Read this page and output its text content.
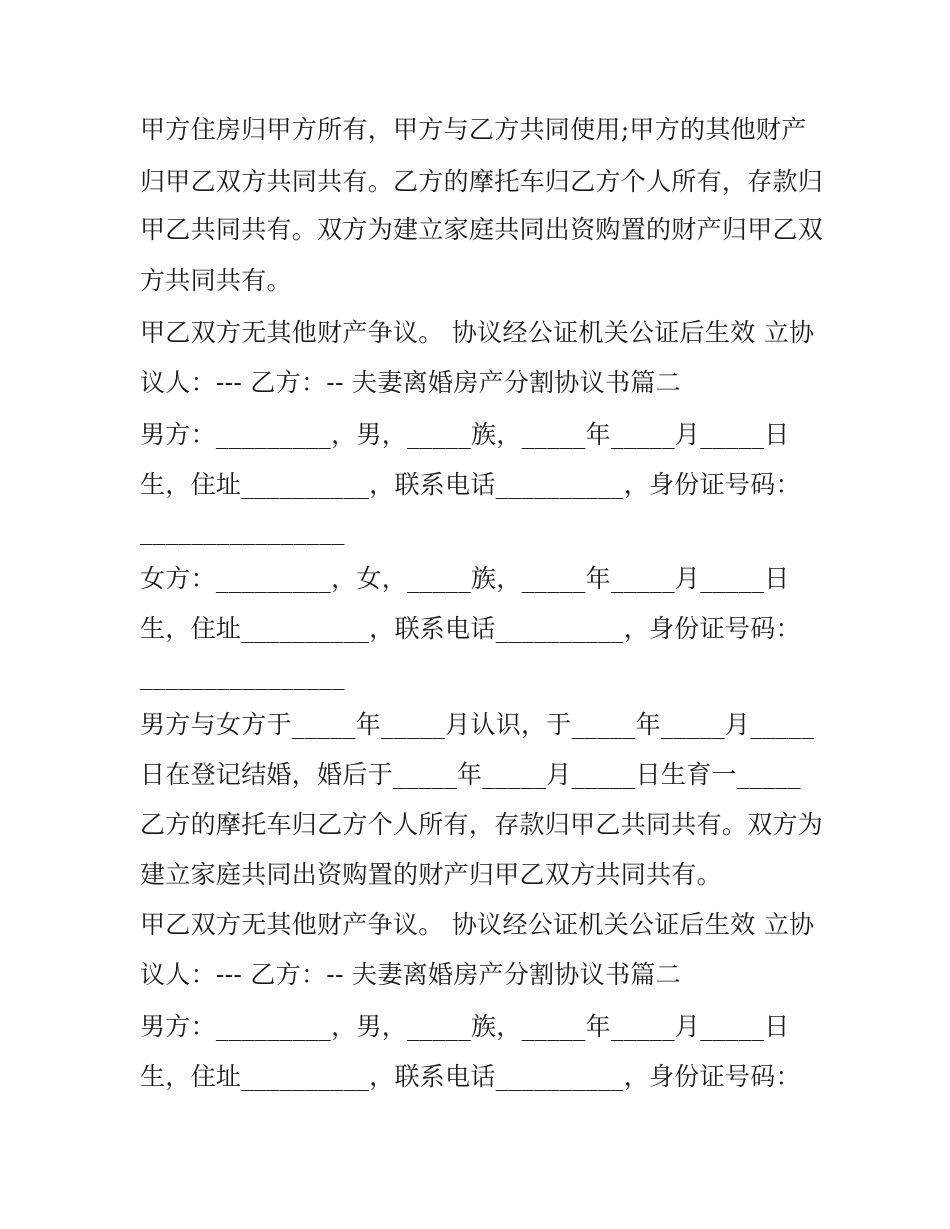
甲方住房归甲方所有，甲方与乙方共同使用;甲方的其他财产

归甲乙双方共同共有。乙方的摩托车归乙方个人所有，存款归

甲乙共同共有。双方为建立家庭共同出资购置的财产归甲乙双

方共同共有。

甲乙双方无其他财产争议。 协议经公证机关公证后生效 立协

议人：--- 乙方：-- 夫妻离婚房产分割协议书篇二

男方：_________，男，_____族，_____年_____月_____日

生，住址__________，联系电话__________，身份证号码：

________________

女方：_________，女，_____族，_____年_____月_____日

生，住址__________，联系电话__________，身份证号码：

________________

男方与女方于_____年_____月认识，于_____年_____月_____

日在登记结婚，婚后于_____年_____月_____日生育一_____

乙方的摩托车归乙方个人所有，存款归甲乙共同共有。双方为

建立家庭共同出资购置的财产归甲乙双方共同共有。

甲乙双方无其他财产争议。 协议经公证机关公证后生效 立协

议人：--- 乙方：-- 夫妻离婚房产分割协议书篇二

男方：_________，男，_____族，_____年_____月_____日

生，住址__________，联系电话__________，身份证号码：
